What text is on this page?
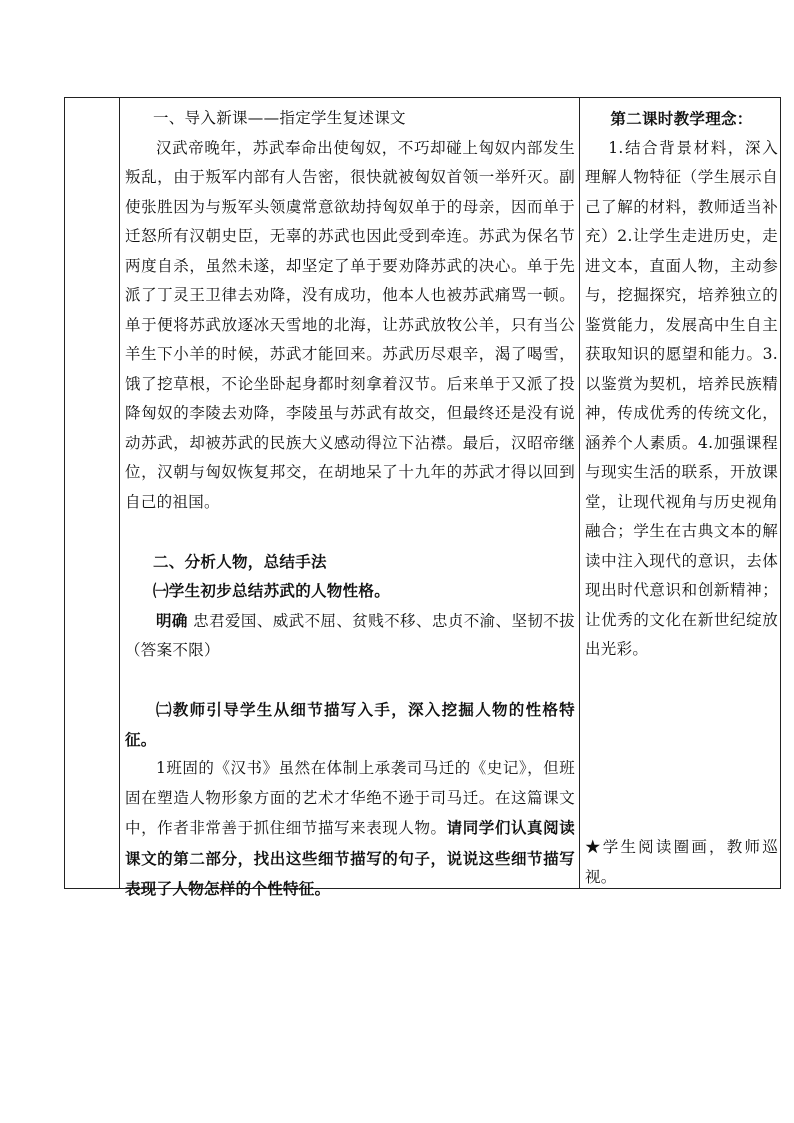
一、导入新课——指定学生复述课文

汉武帝晚年，苏武奉命出使匈奴，不巧却碰上匈奴内部发生叛乱，由于叛军内部有人告密，很快就被匈奴首领一举歼灭。副使张胜因为与叛军头领虞常意欲劫持匈奴单于的母亲，因而单于迁怒所有汉朝史臣，无辜的苏武也因此受到牵连。苏武为保名节两度自杀，虽然未遂，却坚定了单于要劝降苏武的决心。单于先派了丁灵王卫律去劝降，没有成功，他本人也被苏武痛骂一顿。单于便将苏武放逐冰天雪地的北海，让苏武放牧公羊，只有当公羊生下小羊的时候，苏武才能回来。苏武历尽艰辛，渴了喝雪，饿了挖草根，不论坐卧起身都时刻拿着汉节。后来单于又派了投降匈奴的李陵去劝降，李陵虽与苏武有故交，但最终还是没有说动苏武，却被苏武的民族大义感动得泣下沾襟。最后，汉昭帝继位，汉朝与匈奴恢复邦交，在胡地呆了十九年的苏武才得以回到自己的祖国。

二、分析人物，总结手法

㈠学生初步总结苏武的人物性格。

明确 忠君爱国、威武不屈、贫贱不移、忠贞不渝、坚韧不拔（答案不限）

㈡教师引导学生从细节描写入手，深入挖掘人物的性格特征。

1班固的《汉书》虽然在体制上承袭司马迁的《史记》，但班固在塑造人物形象方面的艺术才华绝不逊于司马迁。在这篇课文中，作者非常善于抓住细节描写来表现人物。请同学们认真阅读课文的第二部分，找出这些细节描写的句子，说说这些细节描写表现了人物怎样的个性特征。

第二课时教学理念：

1.结合背景材料，深入理解人物特征（学生展示自己了解的材料，教师适当补充）2.让学生走进历史，走进文本，直面人物，主动参与，挖掘探究，培养独立的鉴赏能力，发展高中生自主获取知识的愿望和能力。3.以鉴赏为契机，培养民族精神，传成优秀的传统文化，涵养个人素质。4.加强课程与现实生活的联系，开放课堂，让现代视角与历史视角融合；学生在古典文本的解读中注入现代的意识，去体现出时代意识和创新精神；让优秀的文化在新世纪绽放出光彩。

★学生阅读圈画，教师巡视。
